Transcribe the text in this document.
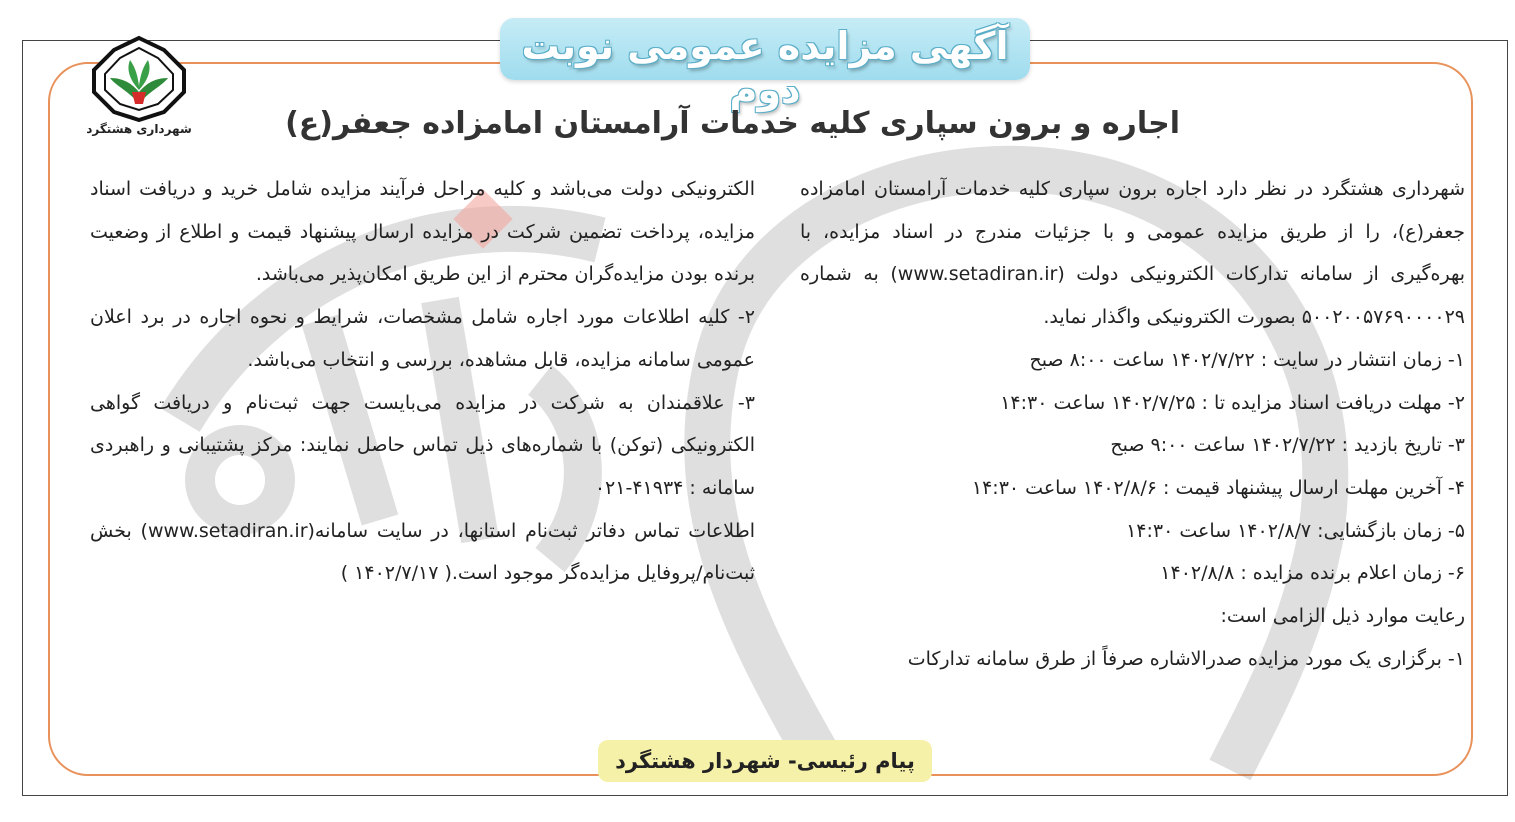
آگهی مزایده عمومی نوبت دوم
شهرداری هشتگرد	اجاره و برون سپاری کلیه خدمات آرامستان امامزاده جعفر(ع)

شهرداری هشتگرد در نظر دارد اجاره برون سپاری کلیه خدمات آرامستان امامزاده جعفر(ع)، را از طریق مزایده عمومی و با جزئیات مندرج در اسناد مزایده، با بهره‌گیری از سامانه تدارکات الکترونیکی دولت (www.setadiran.ir) به شماره ۵۰۰۲۰۰۵۷۶۹۰۰۰۰۲۹ بصورت الکترونیکی واگذار نماید.

۱- زمان انتشار در سایت : ۱۴۰۲/۷/۲۲ ساعت ۸:۰۰ صبح

۲- مهلت دریافت اسناد مزایده تا : ۱۴۰۲/۷/۲۵ ساعت ۱۴:۳۰

۳- تاریخ بازدید : ۱۴۰۲/۷/۲۲ ساعت ۹:۰۰ صبح

۴- آخرین مهلت ارسال پیشنهاد قیمت : ۱۴۰۲/۸/۶ ساعت ۱۴:۳۰

۵- زمان بازگشایی: ۱۴۰۲/۸/۷ ساعت ۱۴:۳۰

۶- زمان اعلام برنده مزایده : ۱۴۰۲/۸/۸

رعایت موارد ذیل الزامی است:

۱- برگزاری یک مورد مزایده صدرالاشاره صرفاً از طرق سامانه تدارکات

الکترونیکی دولت می‌باشد و کلیه مراحل فرآیند مزایده شامل خرید و دریافت اسناد مزایده، پرداخت تضمین شرکت در مزایده ارسال پیشنهاد قیمت و اطلاع از وضعیت برنده بودن مزایده‌گران محترم از این طریق امکان‌پذیر می‌باشد.

۲- کلیه اطلاعات مورد اجاره شامل مشخصات، شرایط و نحوه اجاره در برد اعلان عمومی سامانه مزایده، قابل مشاهده، بررسی و انتخاب می‌باشد.

۳- علاقمندان به شرکت در مزایده می‌بایست جهت ثبت‌نام و دریافت گواهی الکترونیکی (توکن) با شماره‌های ذیل تماس حاصل نمایند: مرکز پشتیبانی و راهبردی سامانه : ۴۱۹۳۴-۰۲۱

اطلاعات تماس دفاتر ثبت‌نام استانها، در سایت سامانه(www.setadiran.ir) بخش ثبت‌نام/پروفایل مزایده‌گر موجود است.( ۱۴۰۲/۷/۱۷ )

پیام رئیسی- شهردار هشتگرد
